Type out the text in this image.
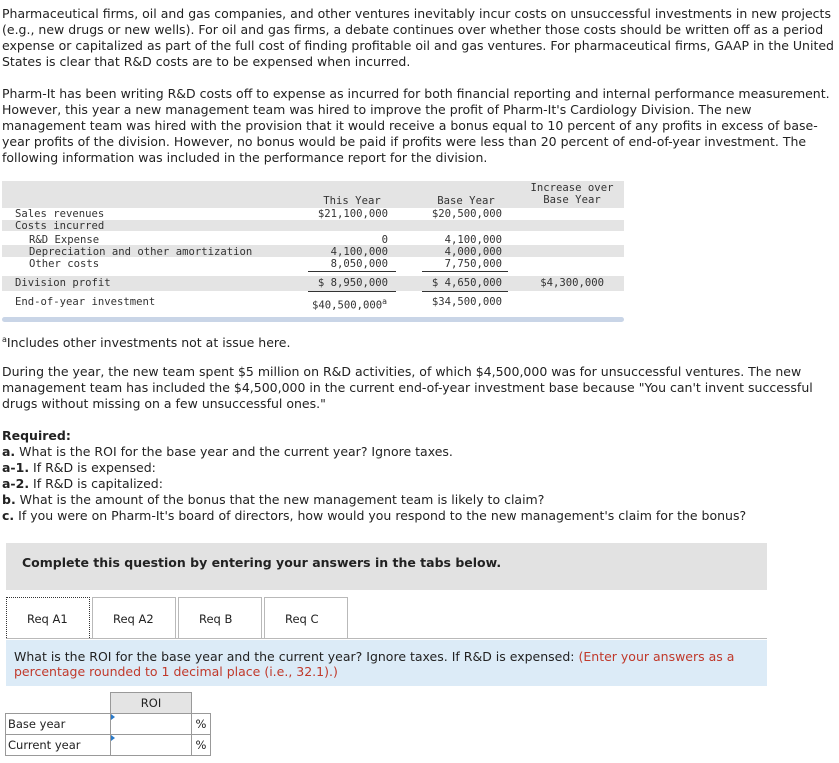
Pharmaceutical firms, oil and gas companies, and other ventures inevitably incur costs on unsuccessful investments in new projects (e.g., new drugs or new wells). For oil and gas firms, a debate continues over whether those costs should be written off as a period expense or capitalized as part of the full cost of finding profitable oil and gas ventures. For pharmaceutical firms, GAAP in the United States is clear that R&D costs are to be expensed when incurred.

Pharm-It has been writing R&D costs off to expense as incurred for both financial reporting and internal performance measurement. However, this year a new management team was hired to improve the profit of Pharm-It's Cardiology Division. The new management team was hired with the provision that it would receive a bonus equal to 10 percent of any profits in excess of base-year profits of the division. However, no bonus would be paid if profits were less than 20 percent of end-of-year investment. The following information was included in the performance report for the division.

This Year	Base Year
Increase over
Base Year
Sales revenues	$21,100,000	$20,500,000
Costs incurred
R&D Expense	0	4,100,000
Depreciation and other amortization	4,100,000	4,000,000
Other costs	8,050,000	7,750,000
Division profit	$ 8,950,000	$ 4,650,000	$4,300,000
End-of-year investment	$40,500,000$^a$	$34,500,000

$^a$Includes other investments not at issue here.

During the year, the new team spent $5 million on R&D activities, of which $4,500,000 was for unsuccessful ventures. The new management team has included the $4,500,000 in the current end-of-year investment base because "You can't invent successful drugs without missing on a few unsuccessful ones."

Required:

a. What is the ROI for the base year and the current year? Ignore taxes.

a-1. If R&D is expensed:

a-2. If R&D is capitalized:

b. What is the amount of the bonus that the new management team is likely to claim?

c. If you were on Pharm-It's board of directors, how would you respond to the new management's claim for the bonus?

Complete this question by entering your answers in the tabs below.
Req A1	Req A2	Req B	Req C

What is the ROI for the base year and the current year? Ignore taxes. If R&D is expensed: (Enter your answers as a percentage rounded to 1 decimal place (i.e., 32.1).)

	ROI	
Base year		%
Current year		%
